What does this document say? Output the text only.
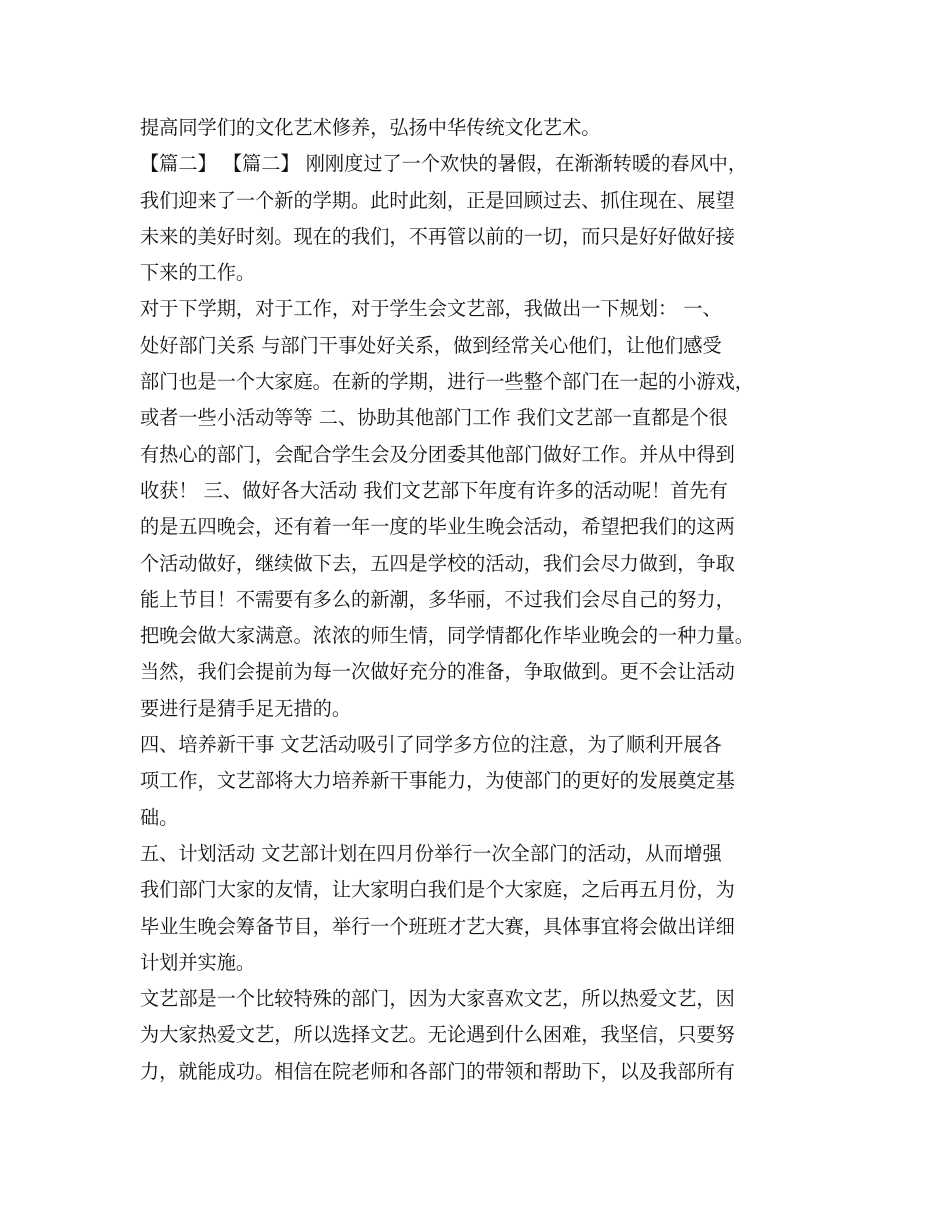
提高同学们的文化艺术修养，弘扬中华传统文化艺术。
【篇二】 【篇二】 刚刚度过了一个欢快的暑假，在渐渐转暖的春风中，
我们迎来了一个新的学期。此时此刻，正是回顾过去、抓住现在、展望
未来的美好时刻。现在的我们，不再管以前的一切，而只是好好做好接
下来的工作。
对于下学期，对于工作，对于学生会文艺部，我做出一下规划： 一、
处好部门关系 与部门干事处好关系，做到经常关心他们，让他们感受
部门也是一个大家庭。在新的学期，进行一些整个部门在一起的小游戏，
或者一些小活动等等 二、协助其他部门工作 我们文艺部一直都是个很
有热心的部门，会配合学生会及分团委其他部门做好工作。并从中得到
收获！ 三、做好各大活动 我们文艺部下年度有许多的活动呢！首先有
的是五四晚会，还有着一年一度的毕业生晚会活动，希望把我们的这两
个活动做好，继续做下去，五四是学校的活动，我们会尽力做到，争取
能上节目！不需要有多么的新潮，多华丽，不过我们会尽自己的努力，
把晚会做大家满意。浓浓的师生情，同学情都化作毕业晚会的一种力量。
当然，我们会提前为每一次做好充分的准备，争取做到。更不会让活动
要进行是猜手足无措的。
四、培养新干事 文艺活动吸引了同学多方位的注意，为了顺利开展各
项工作，文艺部将大力培养新干事能力，为使部门的更好的发展奠定基
础。
五、计划活动 文艺部计划在四月份举行一次全部门的活动，从而增强
我们部门大家的友情，让大家明白我们是个大家庭，之后再五月份，为
毕业生晚会筹备节目，举行一个班班才艺大赛，具体事宜将会做出详细
计划并实施。
文艺部是一个比较特殊的部门，因为大家喜欢文艺，所以热爱文艺，因
为大家热爱文艺，所以选择文艺。无论遇到什么困难，我坚信，只要努
力，就能成功。相信在院老师和各部门的带领和帮助下，以及我部所有
